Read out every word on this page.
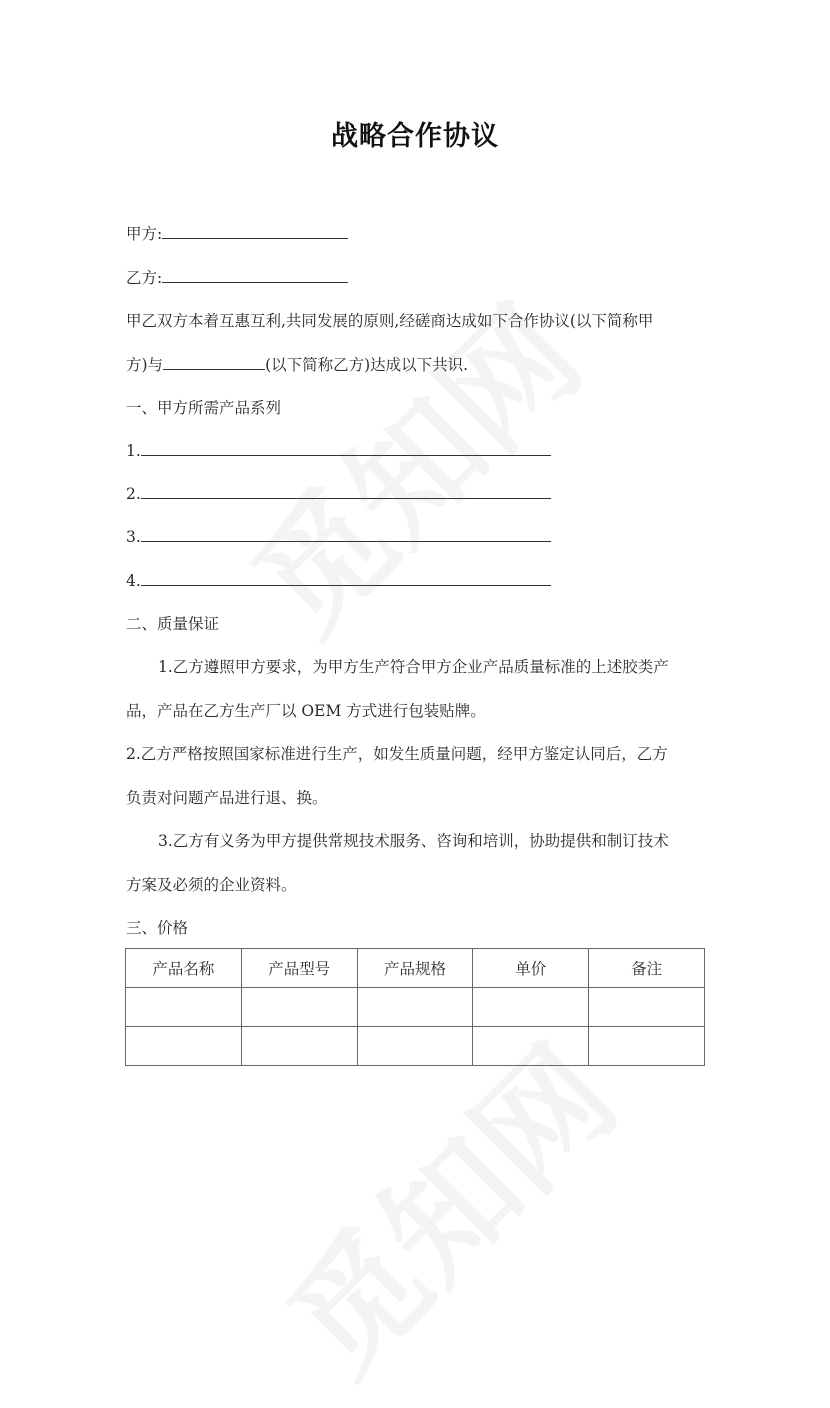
战略合作协议
甲方:
乙方:
甲乙双方本着互惠互利,共同发展的原则,经磋商达成如下合作协议(以下简称甲
方)与	(以下简称乙方)达成以下共识.
一、甲方所需产品系列
1.
2.
3.
4.
二、质量保证
1.乙方遵照甲方要求，为甲方生产符合甲方企业产品质量标准的上述胶类产
品，产品在乙方生产厂以 OEM 方式进行包装贴牌。
2.乙方严格按照国家标准进行生产，如发生质量问题，经甲方鉴定认同后，乙方
负责对问题产品进行退、换。
3.乙方有义务为甲方提供常规技术服务、咨询和培训，协助提供和制订技术
方案及必须的企业资料。
三、价格
产品名称	产品型号	产品规格	单价	备注
